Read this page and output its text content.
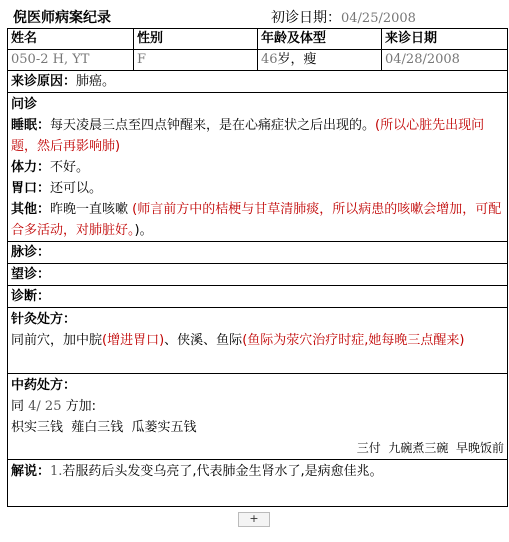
倪医师病案纪录	初诊日期：04/25/2008
姓名	性别	年龄及体型	来诊日期
050-2 H, YT	F	46岁，瘦	04/28/2008
来诊原因：肺癌。			

问诊
睡眠：每天凌晨三点至四点钟醒来，是在心痛症状之后出现的。(所以心脏先出现问题，然后再影响肺)
体力：不好。
胃口：还可以。
其他：昨晚一直咳嗽 (师言前方中的桔梗与甘草清肺痰，所以病患的咳嗽会增加，可配合多活动，对肺脏好。)。			

脉诊：			
望诊：			
诊断：			

针灸处方：
同前穴，加中脘(增进胃口)、侠溪、鱼际(鱼际为荥穴治疗时症,她每晚三点醒来)			

中药处方：
同 4/ 25 方加:
枳实三钱  薤白三钱  瓜蒌实五钱
三付  九碗煮三碗  早晚饭前			

解说：1.若服药后头发变乌亮了,代表肺金生肾水了,是病愈佳兆。			
+
